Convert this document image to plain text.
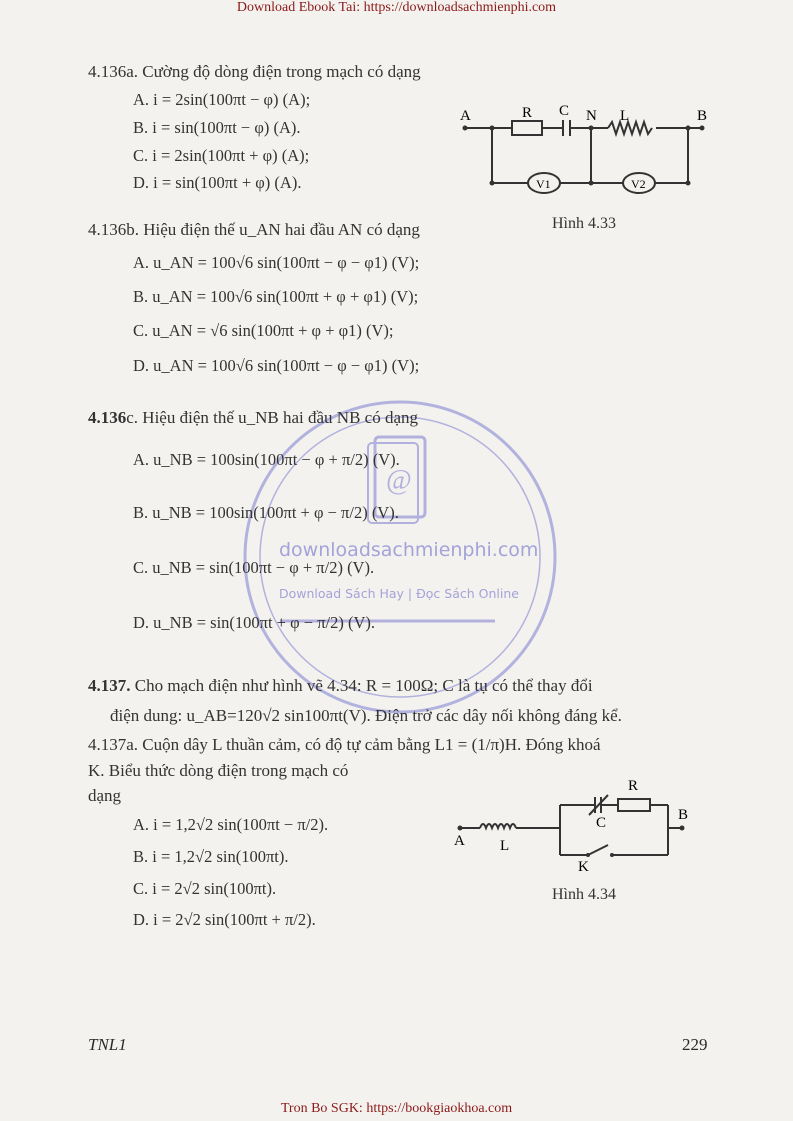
Download Ebook Tai: https://downloadsachmienphi.com
4.136a. Cường độ dòng điện trong mạch có dạng
A. i = 2sin(100πt − φ) (A);
B. i = sin(100πt − φ) (A).
C. i = 2sin(100πt + φ) (A);
D. i = sin(100πt + φ) (A).
A	R C N L	B
V1	V2
Hình 4.33
4.136b. Hiệu điện thế u_AN hai đầu AN có dạng
A. u_AN = 100√6 sin(100πt − φ − φ1) (V);
B. u_AN = 100√6 sin(100πt + φ + φ1) (V);
C. u_AN = √6 sin(100πt + φ + φ1) (V);
D. u_AN = 100√6 sin(100πt − φ − φ1) (V);
@
downloadsachmienphi.com
Download Sách Hay | Đọc Sách Online
4.136c. Hiệu điện thế u_NB hai đầu NB có dạng
A. u_NB = 100sin(100πt − φ + π/2) (V).
B. u_NB = 100sin(100πt + φ − π/2) (V).
C. u_NB = sin(100πt − φ + π/2) (V).
D. u_NB = sin(100πt + φ − π/2) (V).
4.137. Cho mạch điện như hình vẽ 4.34: R = 100Ω; C là tụ có thể thay đổi
điện dung: u_AB=120√2 sin100πt(V). Điện trở các dây nối không đáng kể.
4.137a. Cuộn dây L thuần cảm, có độ tự cảm bằng L1 = (1/π)H. Đóng khoá
K. Biểu thức dòng điện trong mạch có
dạng
A. i = 1,2√2 sin(100πt − π/2).
B. i = 1,2√2 sin(100πt).
C. i = 2√2 sin(100πt).
D. i = 2√2 sin(100πt + π/2).
A L
R
C	B
K
Hình 4.34
TNL1	229
Tron Bo SGK: https://bookgiaokhoa.com
